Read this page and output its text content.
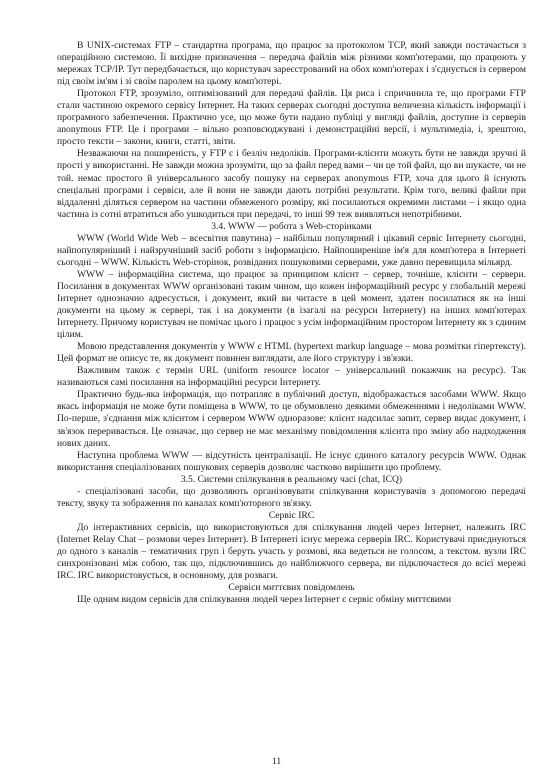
В UNIX-системах FTP – стандартна програма, що працює за протоколом TCP, який завжди постачається з операційною системою. Її вихідне призначення – передача файлів між різними комп'ютерами, що працюють у мережах TCP/IP. Тут передбачається, що користувач зареєстрований на обох комп'ютерах і з'єднується із сервером під своїм ім'ям і зі своїм паролем на цьому комп'ютері.

Протокол FTP, зрозуміло, оптимізований для передачі файлів. Ця риса і спричинила те, що програми FTP стали частиною окремого сервісу Інтернет. На таких серверах сьогодні доступна величезна кількість інформації і програмного забезпечення. Практично усе, що може бути надано публіці у вигляді файлів, доступне із серверів anonymous FTP. Це і програми – вільно розповсюджувані і демонстраційні версії, і мультимедіа, і, зрештою, просто тексти – закони, книги, статті, звіти.

Незважаючи на поширеність, у FTP є і безліч недоліків. Програми-клієнти можуть бути не завжди зручні й прості у використанні. Не завжди можна зрозуміти, що за файл перед вами – чи це той файл, що ви шукаєте, чи не той. немає простого й універсального засобу пошуку на серверах anonymous FTP, хоча для цього й існують спеціальні програми і сервіси, але й вони не завжди дають потрібні результати. Крім того, великі файли при віддаленні діляться сервером на частини обмеженого розміру, які посилаються окремими листами – і якщо одна частина із сотні втратиться або ушкодиться при передачі, то інші 99 теж виявляться непотрібними.

3.4. WWW — робота з Web-сторінками

WWW (World Wide Web – всесвітня павутина) – найбільш популярний і цікавий сервіс Інтернету сьогодні, найпопулярніший і найзручніший засіб роботи з інформацією. Найпоширеніше ім'я для комп'ютера в Інтернеті сьогодні – WWW. Кількість Web-сторінок, розвіданих пошуковими серверами, уже давно перевищила мільярд.

WWW – інформаційна система, що працює за принципом клієнт – сервер, точніше, клієнти – сервери. Посилання в документах WWW організовані таким чином, що кожен інформаційний ресурс у глобальній мережі Інтернет однозначно адресується, і документ, який ви читаєте в цей момент, здатен посилатися як на інші документи на цьому ж сервері, так і на документи (в ізагалі на ресурси Інтернету) на інших комп'ютерах Інтернету. Причому користувач не помічає цього і працює з усім інформаційним простором Інтернету як з єдиним цілим.

Мовою представлення документів у WWW є HTML (hypertext markup language – мова розмітки гіпертексту). Цей формат не описує те, як документ повинен виглядати, але його структуру і зв'язки.

Важливим також є термін URL (uniform resource locator – універсальний покажчик на ресурс). Так називаються самі посилання на інформаційні ресурси Інтернету.

Практично будь-яка інформація, що потрапляє в публічний доступ, відображається засобами WWW. Якщо якась інформація не може бути поміщена в WWW, то це обумовлено деякими обмеженнями і недоліками WWW. По-перше, з'єднання між клієнтом і сервером WWW одноразове: клієнт надсилає запит, сервер видає документ, і зв'язок переривається. Це означає, що сервер не має механізму повідомлення клієнта про зміну або надходження нових даних.

Наступна проблема WWW — відсутність централізації. Не існує єдиного каталогу ресурсів WWW. Однак використання спеціалізованих пошукових серверів дозволяє частково вирішити цю проблему.

3.5. Системи спілкування в реальному часі (chat, ICQ)

- спеціалізовані засоби, що дозволяють організовувати спілкування користувачів з допомогою передачі тексту, звуку та зображення по каналах комп'юторного зв'язку.

Сервіс IRC

До інтерактивних сервісів, що використовуються для спілкування людей через Інтернет, належить IRC (Internet Relay Chat – розмови через Інтернет). В Інтернеті існує мережа серверів IRC. Користувачі приєднуються до одного з каналів – тематичних груп і беруть участь у розмові, яка ведеться не голосом, а текстом. вузли IRC синхронізовані між собою, так що, підключившись до найближчого сервера, ви підключаєтеся до всієї мережі IRC. IRC використовується, в основному, для розваги.

Сервіси миттєвих повідомлень

Ще одним видом сервісів для спілкування людей через Інтернет є сервіс обміну миттєвими

11
